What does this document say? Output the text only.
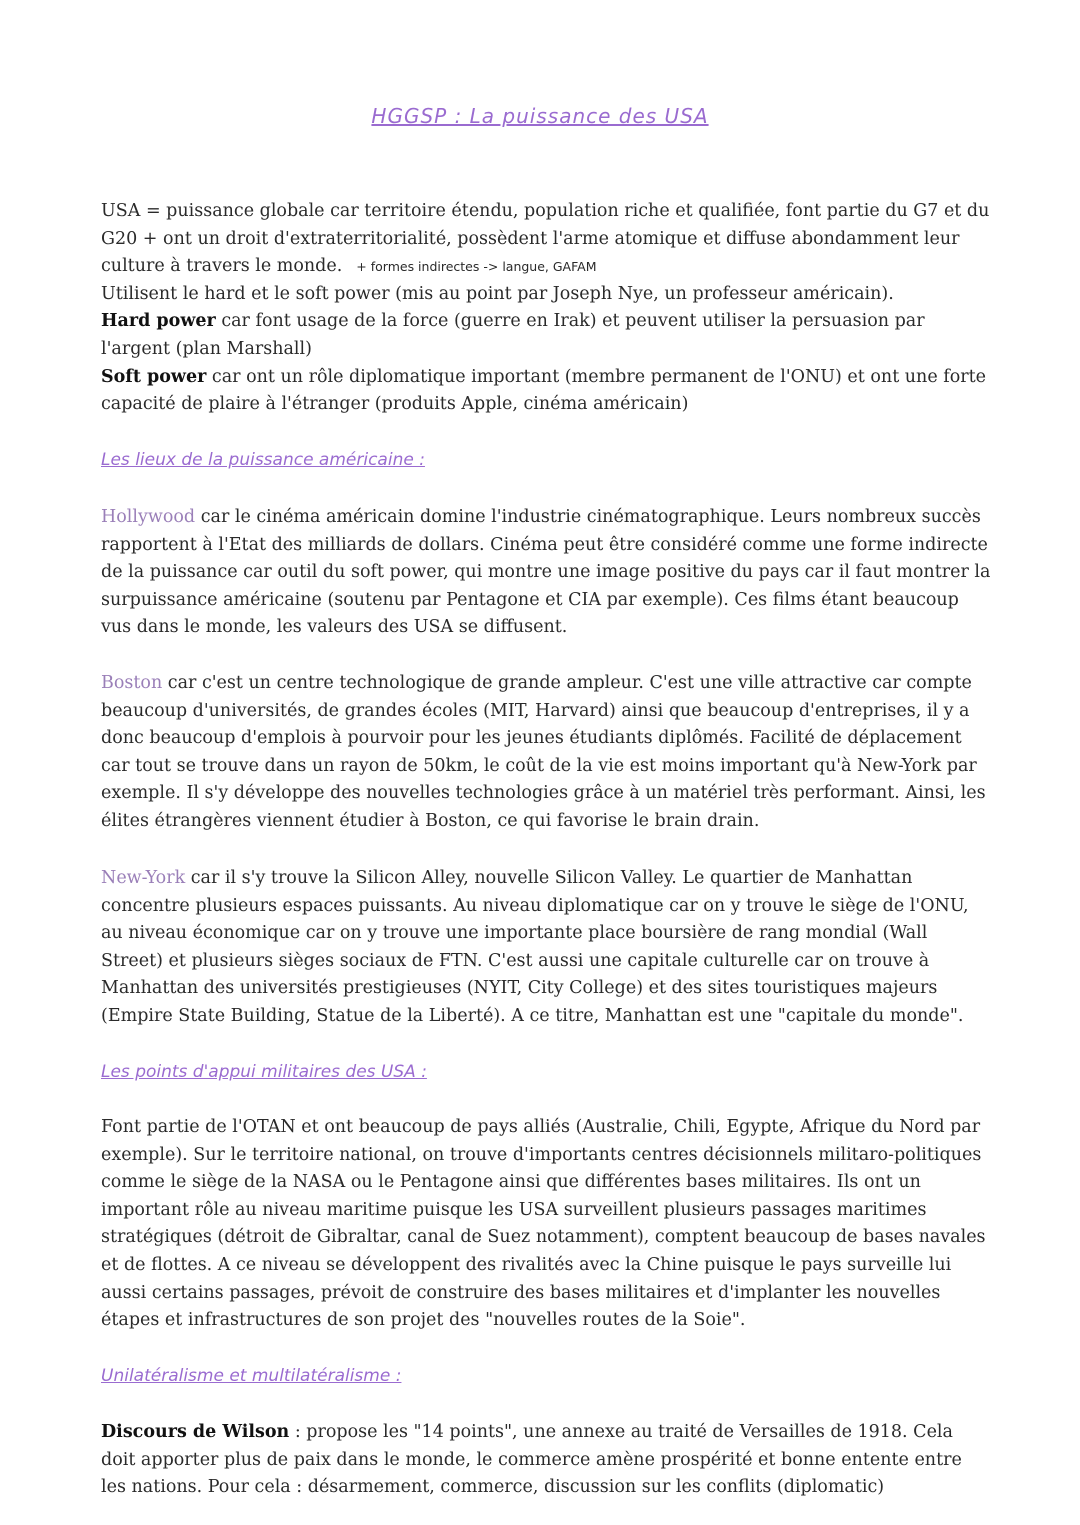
HGGSP : La puissance des USA

USA = puissance globale car territoire étendu, population riche et qualifiée, font partie du G7 et du G20 + ont un droit d'extraterritorialité, possèdent l'arme atomique et diffuse abondamment leur culture à travers le monde. + formes indirectes -> langue, GAFAM

Utilisent le hard et le soft power (mis au point par Joseph Nye, un professeur américain).

Hard power car font usage de la force (guerre en Irak) et peuvent utiliser la persuasion par l'argent (plan Marshall)

Soft power car ont un rôle diplomatique important (membre permanent de l'ONU) et ont une forte capacité de plaire à l'étranger (produits Apple, cinéma américain)

Les lieux de la puissance américaine :

Hollywood car le cinéma américain domine l'industrie cinématographique. Leurs nombreux succès rapportent à l'Etat des milliards de dollars. Cinéma peut être considéré comme une forme indirecte de la puissance car outil du soft power, qui montre une image positive du pays car il faut montrer la surpuissance américaine (soutenu par Pentagone et CIA par exemple). Ces films étant beaucoup vus dans le monde, les valeurs des USA se diffusent.

Boston car c'est un centre technologique de grande ampleur. C'est une ville attractive car compte beaucoup d'universités, de grandes écoles (MIT, Harvard) ainsi que beaucoup d'entreprises, il y a donc beaucoup d'emplois à pourvoir pour les jeunes étudiants diplômés. Facilité de déplacement car tout se trouve dans un rayon de 50km, le coût de la vie est moins important qu'à New-York par exemple. Il s'y développe des nouvelles technologies grâce à un matériel très performant. Ainsi, les élites étrangères viennent étudier à Boston, ce qui favorise le brain drain.

New-York car il s'y trouve la Silicon Alley, nouvelle Silicon Valley. Le quartier de Manhattan concentre plusieurs espaces puissants. Au niveau diplomatique car on y trouve le siège de l'ONU, au niveau économique car on y trouve une importante place boursière de rang mondial (Wall Street) et plusieurs sièges sociaux de FTN. C'est aussi une capitale culturelle car on trouve à Manhattan des universités prestigieuses (NYIT, City College) et des sites touristiques majeurs (Empire State Building, Statue de la Liberté). A ce titre, Manhattan est une "capitale du monde".

Les points d'appui militaires des USA :

Font partie de l'OTAN et ont beaucoup de pays alliés (Australie, Chili, Egypte, Afrique du Nord par exemple). Sur le territoire national, on trouve d'importants centres décisionnels militaro-politiques comme le siège de la NASA ou le Pentagone ainsi que différentes bases militaires. Ils ont un important rôle au niveau maritime puisque les USA surveillent plusieurs passages maritimes stratégiques (détroit de Gibraltar, canal de Suez notamment), comptent beaucoup de bases navales et de flottes. A ce niveau se développent des rivalités avec la Chine puisque le pays surveille lui aussi certains passages, prévoit de construire des bases militaires et d'implanter les nouvelles étapes et infrastructures de son projet des "nouvelles routes de la Soie".

Unilatéralisme et multilatéralisme :

Discours de Wilson : propose les "14 points", une annexe au traité de Versailles de 1918. Cela doit apporter plus de paix dans le monde, le commerce amène prospérité et bonne entente entre les nations. Pour cela : désarmement, commerce, discussion sur les conflits (diplomatic)
